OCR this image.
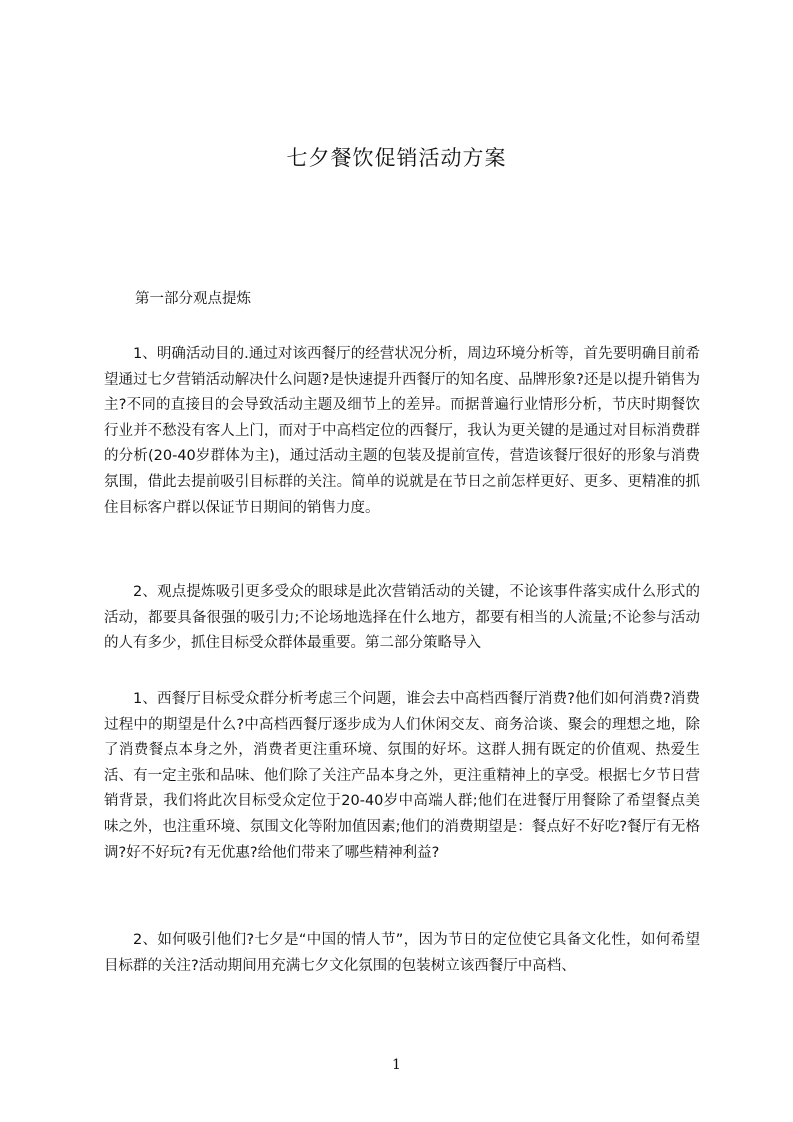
七夕餐饮促销活动方案

第一部分观点提炼

1、明确活动目的.通过对该西餐厅的经营状况分析，周边环境分析等，首先要明确目前希望通过七夕营销活动解决什么问题?是快速提升西餐厅的知名度、品牌形象?还是以提升销售为主?不同的直接目的会导致活动主题及细节上的差异。而据普遍行业情形分析，节庆时期餐饮行业并不愁没有客人上门，而对于中高档定位的西餐厅，我认为更关键的是通过对目标消费群的分析(20-40岁群体为主)，通过活动主题的包装及提前宣传，营造该餐厅很好的形象与消费氛围，借此去提前吸引目标群的关注。简单的说就是在节日之前怎样更好、更多、更精准的抓住目标客户群以保证节日期间的销售力度。

2、观点提炼吸引更多受众的眼球是此次营销活动的关键，不论该事件落实成什么形式的活动，都要具备很强的吸引力;不论场地选择在什么地方，都要有相当的人流量;不论参与活动的人有多少，抓住目标受众群体最重要。第二部分策略导入

1、西餐厅目标受众群分析考虑三个问题，谁会去中高档西餐厅消费?他们如何消费?消费过程中的期望是什么?中高档西餐厅逐步成为人们休闲交友、商务洽谈、聚会的理想之地，除了消费餐点本身之外，消费者更注重环境、氛围的好坏。这群人拥有既定的价值观、热爱生活、有一定主张和品味、他们除了关注产品本身之外，更注重精神上的享受。根据七夕节日营销背景，我们将此次目标受众定位于20-40岁中高端人群;他们在进餐厅用餐除了希望餐点美味之外，也注重环境、氛围文化等附加值因素;他们的消费期望是：餐点好不好吃?餐厅有无格调?好不好玩?有无优惠?给他们带来了哪些精神利益?

2、如何吸引他们?七夕是“中国的情人节”，因为节日的定位使它具备文化性，如何希望目标群的关注?活动期间用充满七夕文化氛围的包装树立该西餐厅中高档、

1
